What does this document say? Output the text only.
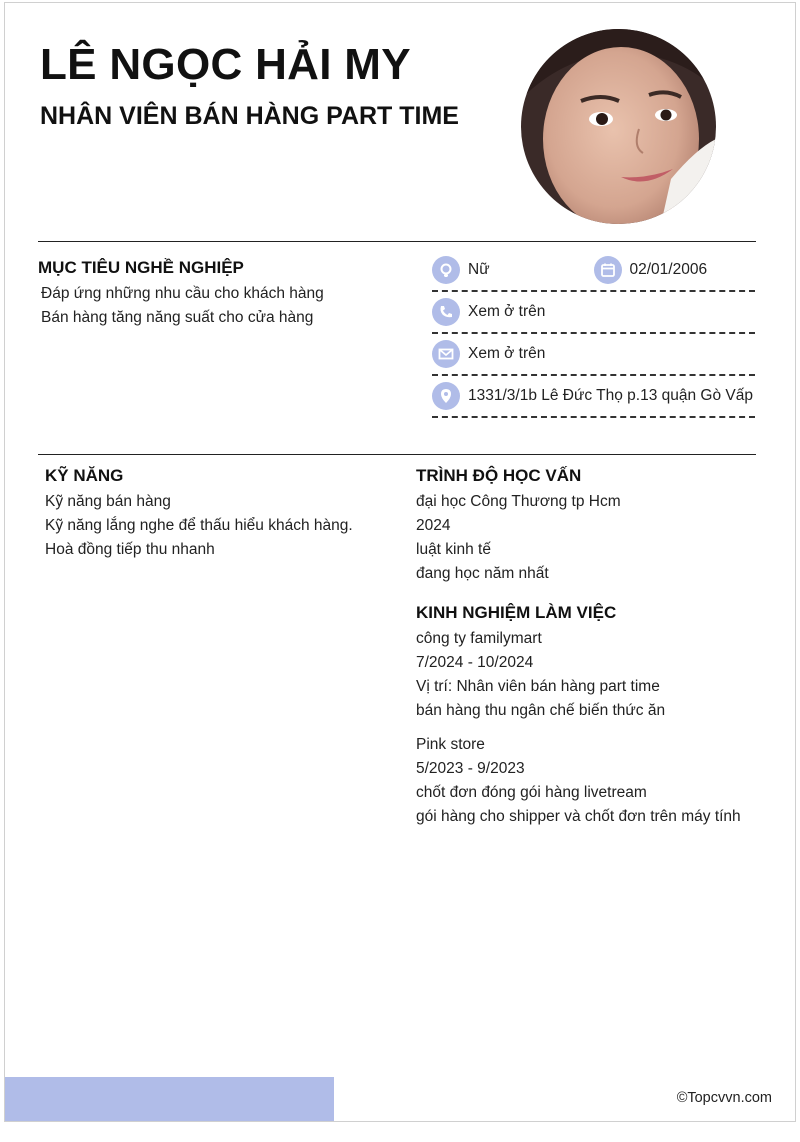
LÊ NGỌC HẢI MY
NHÂN VIÊN BÁN HÀNG PART TIME
MỤC TIÊU NGHỀ NGHIỆP
Đáp ứng những nhu cầu cho khách hàng
Bán hàng tăng năng suất cho cửa hàng
Nữ	02/01/2006
Xem ở trên
Xem ở trên
1331/3/1b Lê Đức Thọ p.13 quận Gò Vấp
KỸ NĂNG
Kỹ năng bán hàng
Kỹ năng lắng nghe để thấu hiểu khách hàng.
Hoà đồng tiếp thu nhanh
TRÌNH ĐỘ HỌC VẤN
đại học Công Thương tp Hcm
2024
luật kinh tế
đang học năm nhất
KINH NGHIỆM LÀM VIỆC
công ty familymart
7/2024 - 10/2024
Vị trí: Nhân viên bán hàng part time
bán hàng thu ngân chế biến thức ăn
Pink store
5/2023 - 9/2023
chốt đơn đóng gói hàng livetream
gói hàng cho shipper và chốt đơn trên máy tính
©Topcvvn.com
